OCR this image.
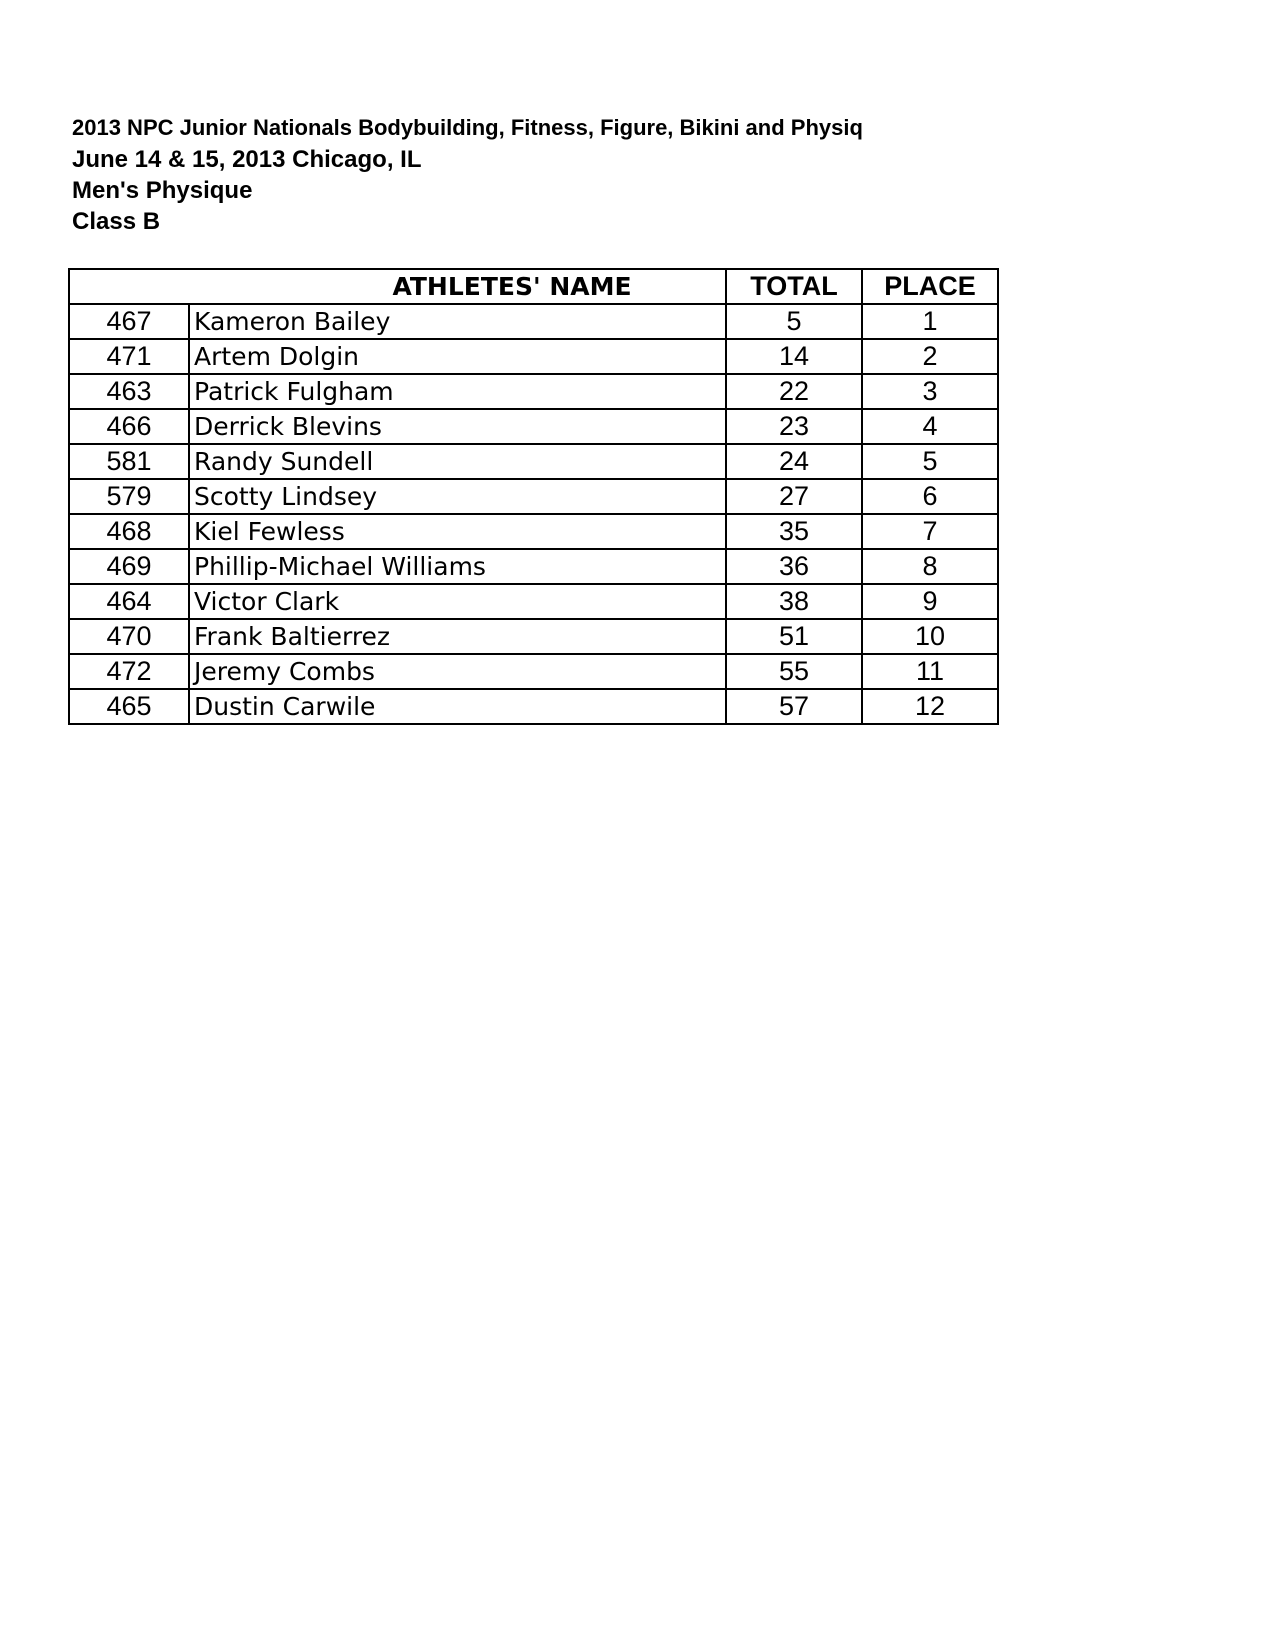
2013 NPC Junior Nationals Bodybuilding, Fitness, Figure, Bikini and Physiq
June 14 & 15, 2013 Chicago, IL
Men's Physique
Class B
	ATHLETES' NAME	TOTAL	PLACE
467	Kameron Bailey	5	1
471	Artem Dolgin	14	2
463	Patrick Fulgham	22	3
466	Derrick Blevins	23	4
581	Randy Sundell	24	5
579	Scotty Lindsey	27	6
468	Kiel Fewless	35	7
469	Phillip-Michael Williams	36	8
464	Victor Clark	38	9
470	Frank Baltierrez	51	10
472	Jeremy Combs	55	11
465	Dustin Carwile	57	12
